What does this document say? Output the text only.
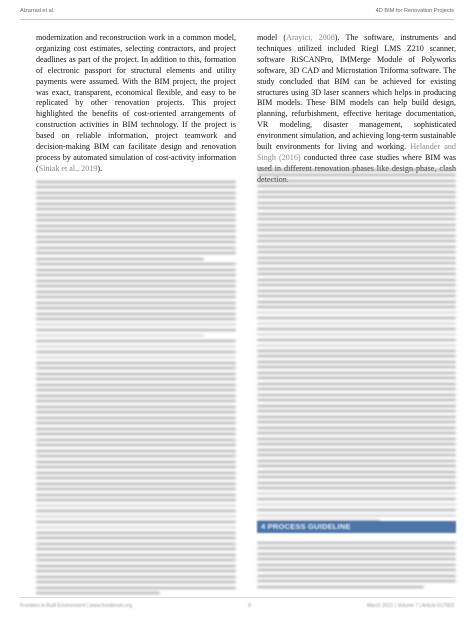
Alzarrad et al.	4D BIM for Renovation Projects

modernization and reconstruction work in a common model, organizing cost estimates, selecting contractors, and project deadlines as part of the project. In addition to this, formation of electronic passport for structural elements and utility payments were assumed. With the BIM project, the project was exact, transparent, economical flexible, and easy to be replicated by other renovation projects. This project highlighted the benefits of cost-oriented arrangements of construction activities in BIM technology. If the project is based on reliable information, project teamwork and decision-making BIM can facilitate design and renovation process by automated simulation of cost-activity information (Siniak et al., 2019).

model (Arayici, 2008). The software, instruments and techniques utilized included Riegl LMS Z210 scanner, software RiSCANPro, IMMerge Module of Polyworks software, 3D CAD and Microstation Triforma software. The study concluded that BIM can be achieved for existing structures using 3D laser scanners which helps in producing BIM models. These BIM models can help build design, planning, refurbishment, effective heritage documentation, VR modeling, disaster management, sophisticated environment simulation, and achieving long-term sustainable built environments for living and working. Helander and Singh (2016) conducted three case studies where BIM was

4 PROCESS GUIDELINE
Frontiers in Built Environment | www.frontiersin.org	8	March 2021 | Volume 7 | Article 617553
